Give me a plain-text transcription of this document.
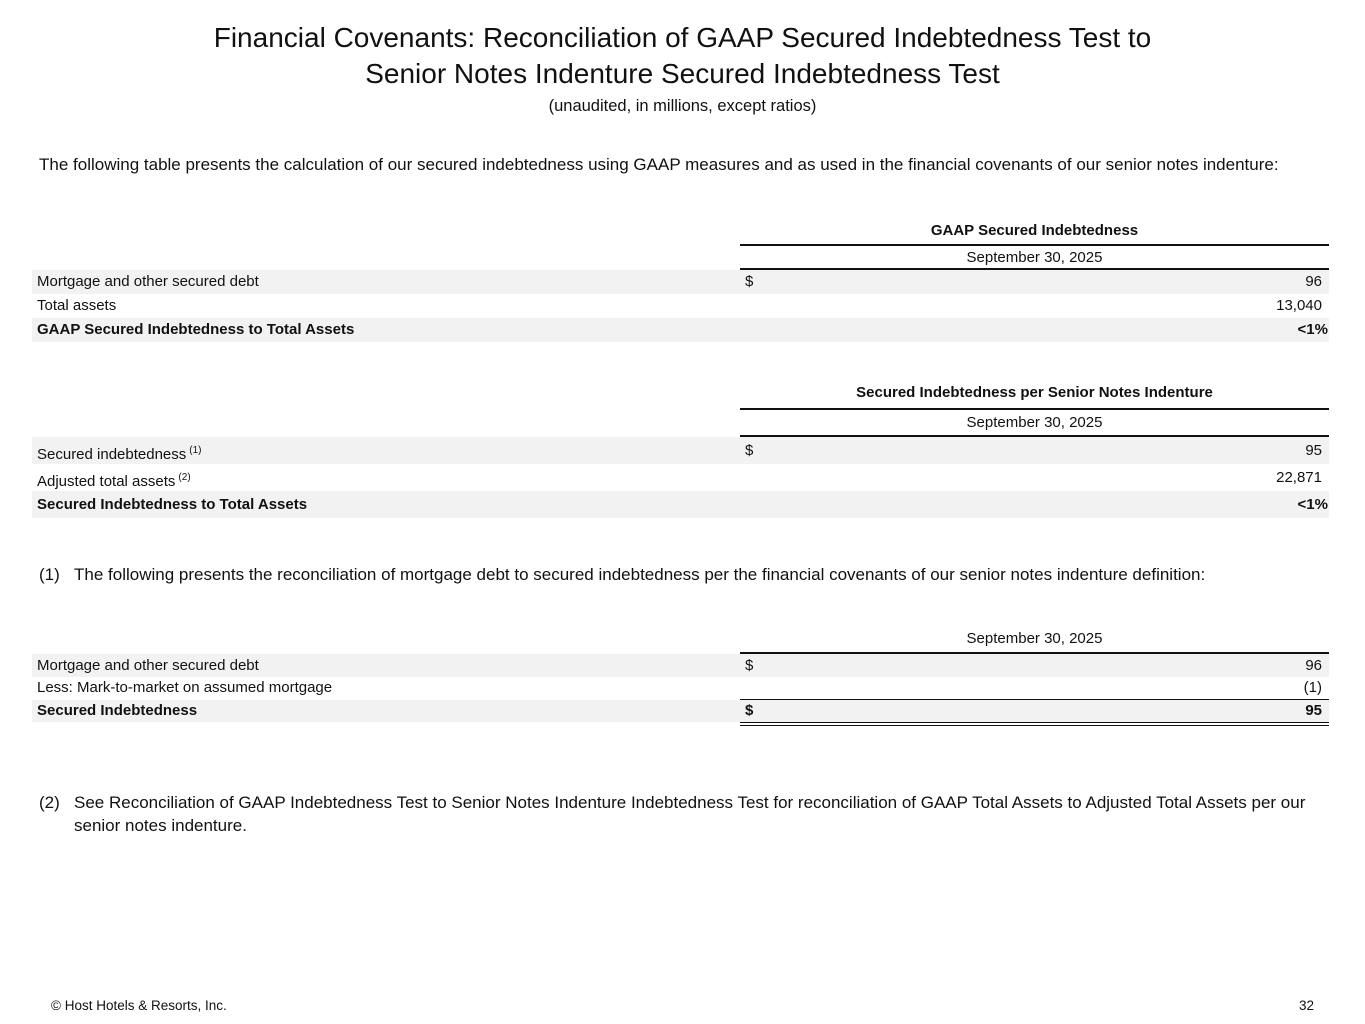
Financial Covenants: Reconciliation of GAAP Secured Indebtedness Test to
Senior Notes Indenture Secured Indebtedness Test
(unaudited, in millions, except ratios)
The following table presents the calculation of our secured indebtedness using GAAP measures and as used in the financial covenants of our senior notes indenture:
GAAP Secured Indebtedness
September 30, 2025
Mortgage and other secured debt	$	96
Total assets	13,040
GAAP Secured Indebtedness to Total Assets	<1%
Secured Indebtedness per Senior Notes Indenture
September 30, 2025
Secured indebtedness $^{(1)}$	$	95
Adjusted total assets $^{(2)}$	22,871
Secured Indebtedness to Total Assets	<1%
(1) The following presents the reconciliation of mortgage debt to secured indebtedness per the financial covenants of our senior notes indenture definition:
September 30, 2025
Mortgage and other secured debt	$	96
Less: Mark-to-market on assumed mortgage	(1)
Secured Indebtedness	$	95
(2) See Reconciliation of GAAP Indebtedness Test to Senior Notes Indenture Indebtedness Test for reconciliation of GAAP Total Assets to Adjusted Total Assets per our senior notes indenture.
© Host Hotels & Resorts, Inc.	32
